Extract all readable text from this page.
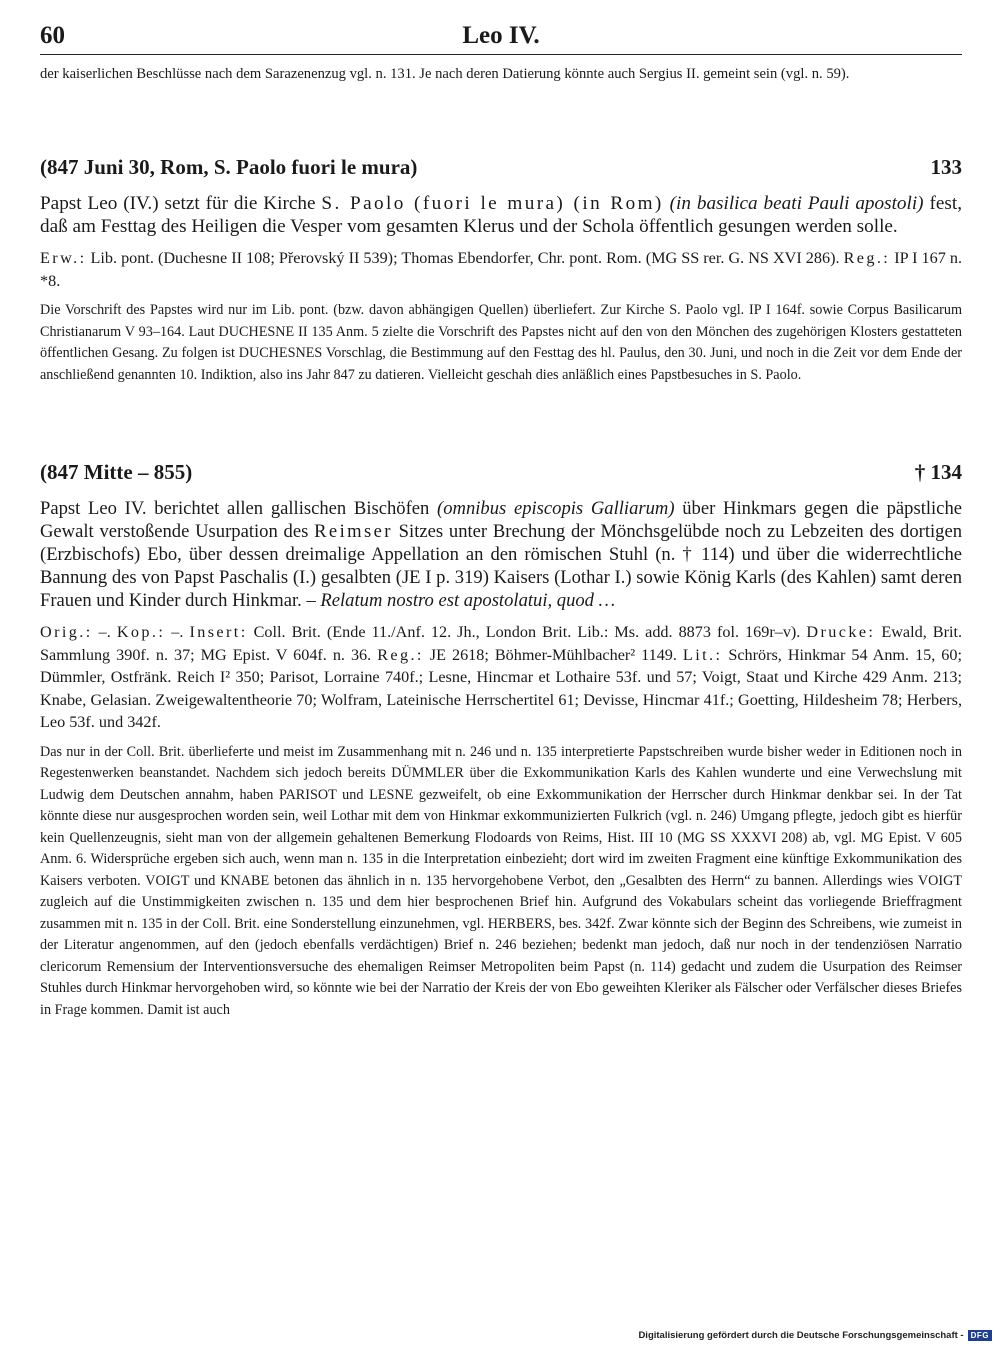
60	Leo IV.
der kaiserlichen Beschlüsse nach dem Sarazenenzug vgl. n. 131. Je nach deren Datierung könnte auch Sergius II. gemeint sein (vgl. n. 59).
(847 Juni 30, Rom, S. Paolo fuori le mura)	133
Papst Leo (IV.) setzt für die Kirche S. Paolo (fuori le mura) (in Rom) (in basilica beati Pauli apostoli) fest, daß am Festtag des Heiligen die Vesper vom gesamten Klerus und der Schola öffentlich gesungen werden solle.
Erw.: Lib. pont. (Duchesne II 108; Přerovský II 539); Thomas Ebendorfer, Chr. pont. Rom. (MG SS rer. G. NS XVI 286). Reg.: IP I 167 n. *8.
Die Vorschrift des Papstes wird nur im Lib. pont. (bzw. davon abhängigen Quellen) überliefert. Zur Kirche S. Paolo vgl. IP I 164f. sowie Corpus Basilicarum Christianarum V 93–164. Laut DUCHESNE II 135 Anm. 5 zielte die Vorschrift des Papstes nicht auf den von den Mönchen des zugehörigen Klosters gestatteten öffentlichen Gesang. Zu folgen ist DUCHESNES Vorschlag, die Bestimmung auf den Festtag des hl. Paulus, den 30. Juni, und noch in die Zeit vor dem Ende der anschließend genannten 10. Indiktion, also ins Jahr 847 zu datieren. Vielleicht geschah dies anläßlich eines Papstbesuches in S. Paolo.
(847 Mitte – 855)	† 134
Papst Leo IV. berichtet allen gallischen Bischöfen (omnibus episcopis Galliarum) über Hinkmars gegen die päpstliche Gewalt verstoßende Usurpation des Reimser Sitzes unter Brechung der Mönchsgelübde noch zu Lebzeiten des dortigen (Erzbischofs) Ebo, über dessen dreimalige Appellation an den römischen Stuhl (n. † 114) und über die widerrechtliche Bannung des von Papst Paschalis (I.) gesalbten (JE I p. 319) Kaisers (Lothar I.) sowie König Karls (des Kahlen) samt deren Frauen und Kinder durch Hinkmar. – Relatum nostro est apostolatui, quod …
Orig.: –. Kop.: –. Insert: Coll. Brit. (Ende 11./Anf. 12. Jh., London Brit. Lib.: Ms. add. 8873 fol. 169r–v). Drucke: Ewald, Brit. Sammlung 390f. n. 37; MG Epist. V 604f. n. 36. Reg.: JE 2618; Böhmer-Mühlbacher² 1149. Lit.: Schrörs, Hinkmar 54 Anm. 15, 60; Dümmler, Ostfränk. Reich I² 350; Parisot, Lorraine 740f.; Lesne, Hincmar et Lothaire 53f. und 57; Voigt, Staat und Kirche 429 Anm. 213; Knabe, Gelasian. Zweigewaltentheorie 70; Wolfram, Lateinische Herrschertitel 61; Devisse, Hincmar 41f.; Goetting, Hildesheim 78; Herbers, Leo 53f. und 342f.
Das nur in der Coll. Brit. überlieferte und meist im Zusammenhang mit n. 246 und n. 135 interpretierte Papstschreiben wurde bisher weder in Editionen noch in Regestenwerken beanstandet. Nachdem sich jedoch bereits DÜMMLER über die Exkommunikation Karls des Kahlen wunderte und eine Verwechslung mit Ludwig dem Deutschen annahm, haben PARISOT und LESNE gezweifelt, ob eine Exkommunikation der Herrscher durch Hinkmar denkbar sei. In der Tat könnte diese nur ausgesprochen worden sein, weil Lothar mit dem von Hinkmar exkommunizierten Fulkrich (vgl. n. 246) Umgang pflegte, jedoch gibt es hierfür kein Quellenzeugnis, sieht man von der allgemein gehaltenen Bemerkung Flodoards von Reims, Hist. III 10 (MG SS XXXVI 208) ab, vgl. MG Epist. V 605 Anm. 6. Widersprüche ergeben sich auch, wenn man n. 135 in die Interpretation einbezieht; dort wird im zweiten Fragment eine künftige Exkommunikation des Kaisers verboten. VOIGT und KNABE betonen das ähnlich in n. 135 hervorgehobene Verbot, den „Gesalbten des Herrn“ zu bannen. Allerdings wies VOIGT zugleich auf die Unstimmigkeiten zwischen n. 135 und dem hier besprochenen Brief hin. Aufgrund des Vokabulars scheint das vorliegende Brieffragment zusammen mit n. 135 in der Coll. Brit. eine Sonderstellung einzunehmen, vgl. HERBERS, bes. 342f. Zwar könnte sich der Beginn des Schreibens, wie zumeist in der Literatur angenommen, auf den (jedoch ebenfalls verdächtigen) Brief n. 246 beziehen; bedenkt man jedoch, daß nur noch in der tendenziösen Narratio clericorum Remensium der Interventionsversuche des ehemaligen Reimser Metropoliten beim Papst (n. 114) gedacht und zudem die Usurpation des Reimser Stuhles durch Hinkmar hervorgehoben wird, so könnte wie bei der Narratio der Kreis der von Ebo geweihten Kleriker als Fälscher oder Verfälscher dieses Briefes in Frage kommen. Damit ist auch
Digitalisierung gefördert durch die Deutsche Forschungsgemeinschaft - DFG
